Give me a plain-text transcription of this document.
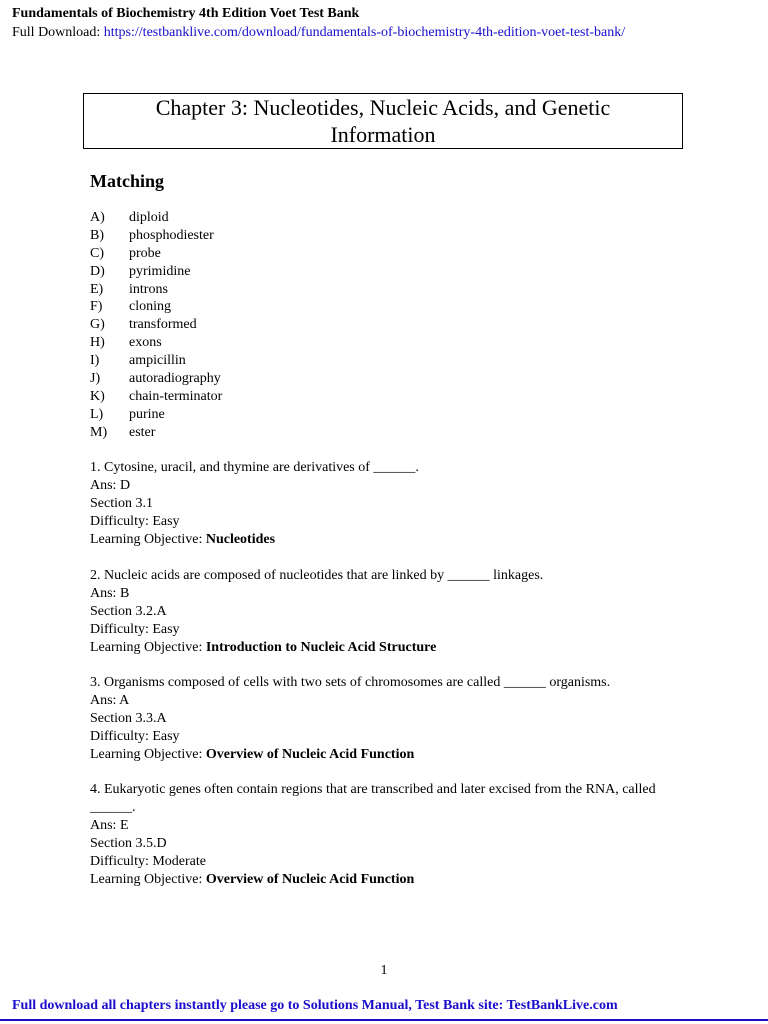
Fundamentals of Biochemistry 4th Edition Voet Test Bank
Full Download: https://testbanklive.com/download/fundamentals-of-biochemistry-4th-edition-voet-test-bank/
Chapter 3: Nucleotides, Nucleic Acids, and Genetic Information
Matching
A)	diploid
B)	phosphodiester
C)	probe
D)	pyrimidine
E)	introns
F)	cloning
G)	transformed
H)	exons
I)	ampicillin
J)	autoradiography
K)	chain-terminator
L)	purine
M)	ester

1. Cytosine, uracil, and thymine are derivatives of ______.

Ans: D

Section 3.1

Difficulty: Easy

Learning Objective: Nucleotides

2. Nucleic acids are composed of nucleotides that are linked by ______ linkages.

Ans: B

Section 3.2.A

Difficulty: Easy

Learning Objective: Introduction to Nucleic Acid Structure

3. Organisms composed of cells with two sets of chromosomes are called ______ organisms.

Ans: A

Section 3.3.A

Difficulty: Easy

Learning Objective: Overview of Nucleic Acid Function

4. Eukaryotic genes often contain regions that are transcribed and later excised from the RNA, called ______.

Ans: E

Section 3.5.D

Difficulty: Moderate

Learning Objective: Overview of Nucleic Acid Function

1
Full download all chapters instantly please go to Solutions Manual, Test Bank site: TestBankLive.com
